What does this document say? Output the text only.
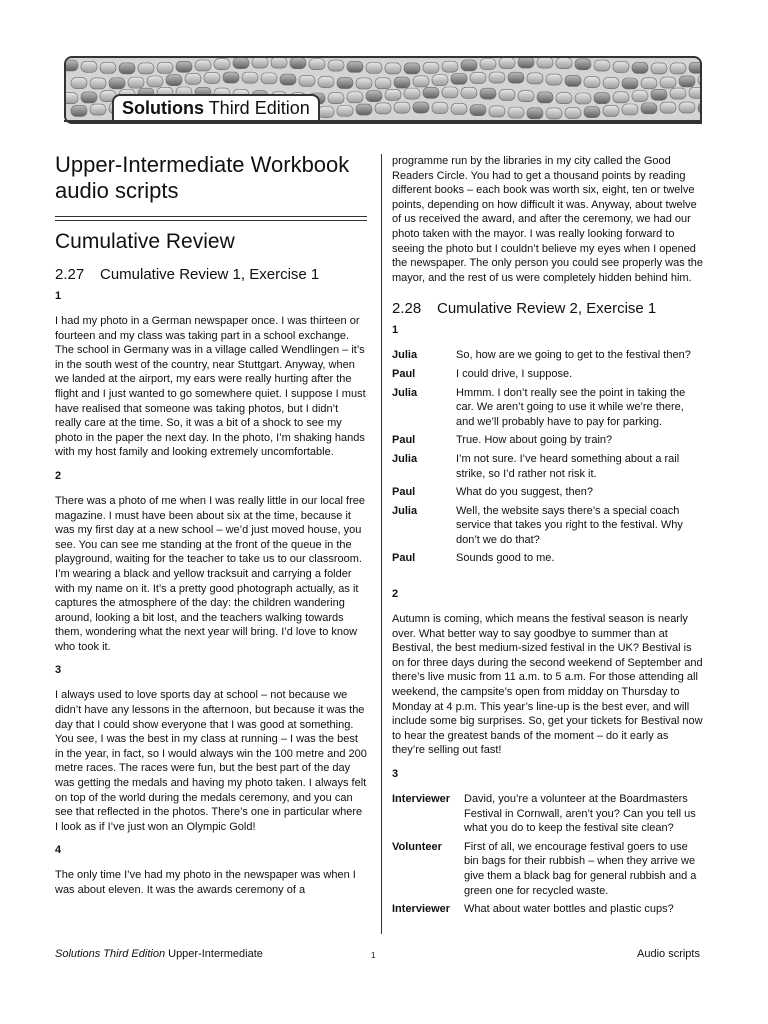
Solutions Third Edition
Upper-Intermediate Workbook audio scripts
Cumulative Review
2.27 Cumulative Review 1, Exercise 1
1

I had my photo in a German newspaper once. I was thirteen or fourteen and my class was taking part in a school exchange. The school in Germany was in a village called Wendlingen – it’s in the south west of the country, near Stuttgart. Anyway, when we landed at the airport, my ears were really hurting after the flight and I just wanted to go somewhere quiet. I suppose I must have realised that someone was taking photos, but I didn’t really care at the time. So, it was a bit of a shock to see my photo in the paper the next day. In the photo, I’m shaking hands with my host family and looking extremely uncomfortable.

2

There was a photo of me when I was really little in our local free magazine. I must have been about six at the time, because it was my first day at a new school – we’d just moved house, you see. You can see me standing at the front of the queue in the playground, waiting for the teacher to take us to our classroom. I’m wearing a black and yellow tracksuit and carrying a folder with my name on it. It’s a pretty good photograph actually, as it captures the atmosphere of the day: the children wandering around, looking a bit lost, and the teachers walking towards them, wondering what the next year will bring. I’d love to know who took it.

3

I always used to love sports day at school – not because we didn’t have any lessons in the afternoon, but because it was the day that I could show everyone that I was good at something. You see, I was the best in my class at running – I was the best in the year, in fact, so I would always win the 100 metre and 200 metre races. The races were fun, but the best part of the day was getting the medals and having my photo taken. I always felt on top of the world during the medals ceremony, and you can see that reflected in the photos. There’s one in particular where I look as if I’ve just won an Olympic Gold!

4

The only time I’ve had my photo in the newspaper was when I was about eleven. It was the awards ceremony of a

programme run by the libraries in my city called the Good Readers Circle. You had to get a thousand points by reading different books – each book was worth six, eight, ten or twelve points, depending on how difficult it was. Anyway, about twelve of us received the award, and after the ceremony, we had our photo taken with the mayor. I was really looking forward to seeing the photo but I couldn’t believe my eyes when I opened the newspaper. The only person you could see properly was the mayor, and the rest of us were completely hidden behind him.

2.28 Cumulative Review 2, Exercise 1
1
Julia	So, how are we going to get to the festival then?
Paul	I could drive, I suppose.
Julia	Hmmm. I don’t really see the point in taking the car. We aren’t going to use it while we’re there, and we’ll probably have to pay for parking.
Paul	True. How about going by train?
Julia	I’m not sure. I’ve heard something about a rail strike, so I’d rather not risk it.
Paul	What do you suggest, then?
Julia	Well, the website says there’s a special coach service that takes you right to the festival. Why don’t we do that?
Paul	Sounds good to me.
2

Autumn is coming, which means the festival season is nearly over. What better way to say goodbye to summer than at Bestival, the best medium-sized festival in the UK? Bestival is on for three days during the second weekend of September and there’s live music from 11 a.m. to 5 a.m. For those attending all weekend, the campsite’s open from midday on Thursday to Monday at 4 p.m. This year’s line-up is the best ever, and will include some big surprises. So, get your tickets for Bestival now to hear the greatest bands of the moment – do it early as they’re selling out fast!

3
Interviewer	David, you’re a volunteer at the Boardmasters Festival in Cornwall, aren’t you? Can you tell us what you do to keep the festival site clean?
Volunteer	First of all, we encourage festival goers to use bin bags for their rubbish – when they arrive we give them a black bag for general rubbish and a green one for recycled waste.
Interviewer	What about water bottles and plastic cups?
Solutions Third Edition Upper-Intermediate	1	Audio scripts
